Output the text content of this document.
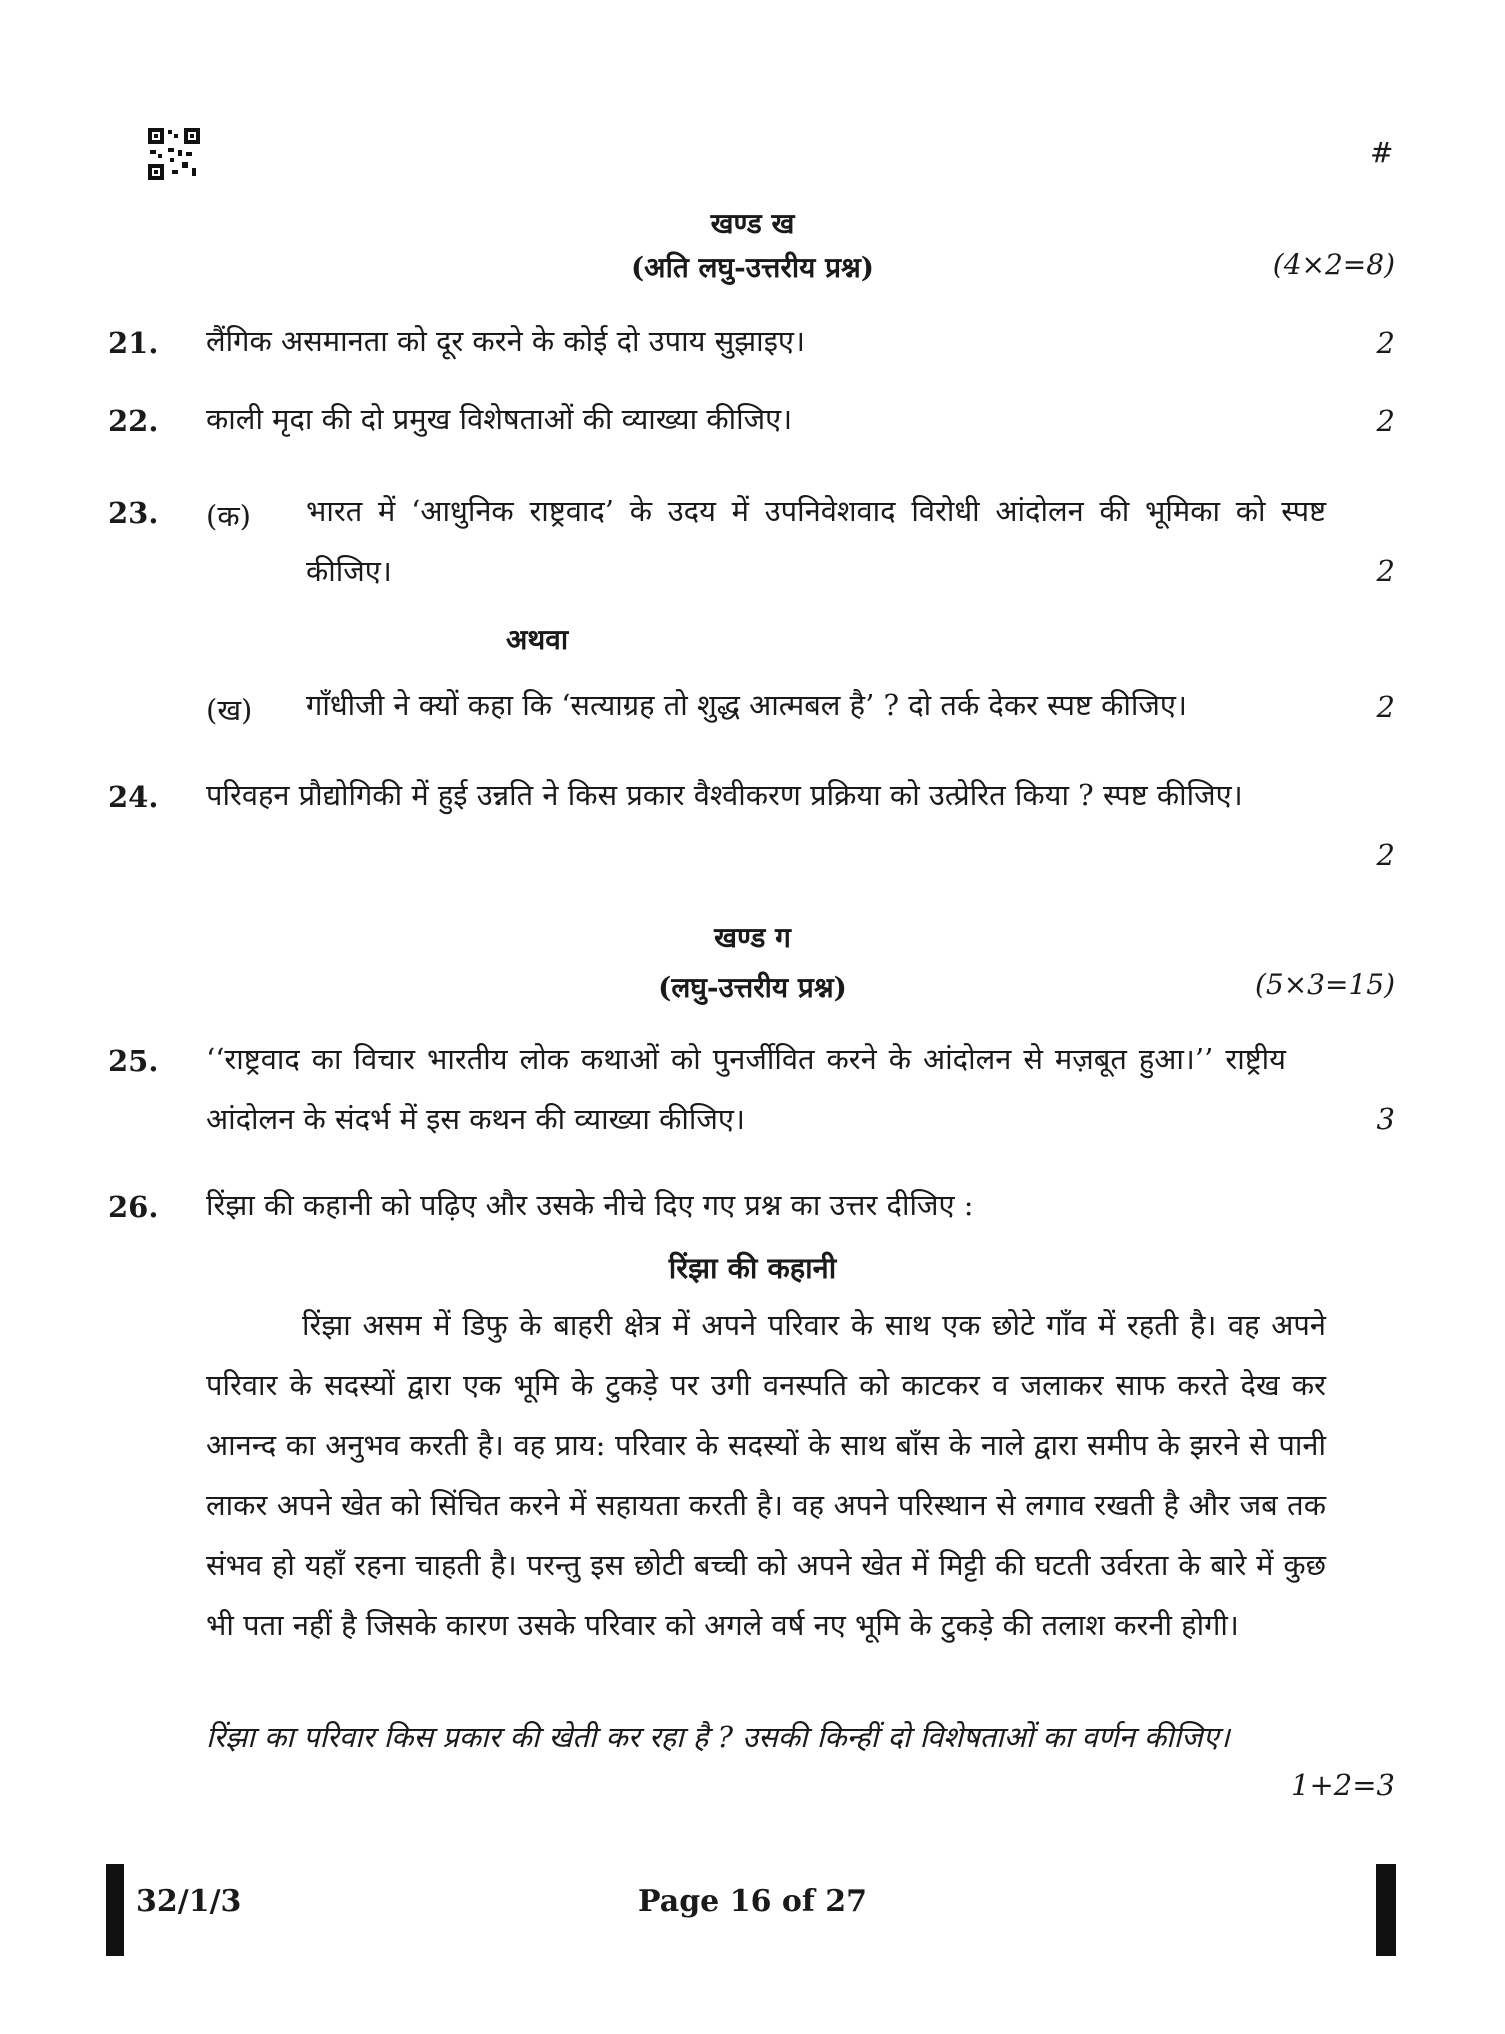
#
खण्ड ख
(अति लघु-उत्तरीय प्रश्न)	(4×2=8)
21. लैंगिक असमानता को दूर करने के कोई दो उपाय सुझाइए।	2
22. काली मृदा की दो प्रमुख विशेषताओं की व्याख्या कीजिए।	2
23. (क) भारत में ‘आधुनिक राष्ट्रवाद’ के उदय में उपनिवेशवाद विरोधी आंदोलन की भूमिका को स्पष्ट कीजिए।	2
अथवा
(ख) गाँधीजी ने क्यों कहा कि ‘सत्याग्रह तो शुद्ध आत्मबल है’ ? दो तर्क देकर स्पष्ट कीजिए।	2
24. परिवहन प्रौद्योगिकी में हुई उन्नति ने किस प्रकार वैश्वीकरण प्रक्रिया को उत्प्रेरित किया ? स्पष्ट कीजिए।
2
खण्ड ग
(लघु-उत्तरीय प्रश्न)	(5×3=15)
25. ‘‘राष्ट्रवाद का विचार भारतीय लोक कथाओं को पुनर्जीवित करने के आंदोलन से मज़बूत हुआ।’’ राष्ट्रीय आंदोलन के संदर्भ में इस कथन की व्याख्या कीजिए।	3
26. रिंझा की कहानी को पढ़िए और उसके नीचे दिए गए प्रश्न का उत्तर दीजिए :
रिंझा की कहानी
रिंझा असम में डिफु के बाहरी क्षेत्र में अपने परिवार के साथ एक छोटे गाँव में रहती है। वह अपने परिवार के सदस्यों द्वारा एक भूमि के टुकड़े पर उगी वनस्पति को काटकर व जलाकर साफ करते देख कर आनन्द का अनुभव करती है। वह प्राय: परिवार के सदस्यों के साथ बाँस के नाले द्वारा समीप के झरने से पानी लाकर अपने खेत को सिंचित करने में सहायता करती है। वह अपने परिस्थान से लगाव रखती है और जब तक संभव हो यहाँ रहना चाहती है। परन्तु इस छोटी बच्ची को अपने खेत में मिट्टी की घटती उर्वरता के बारे में कुछ भी पता नहीं है जिसके कारण उसके परिवार को अगले वर्ष नए भूमि के टुकड़े की तलाश करनी होगी।
रिंझा का परिवार किस प्रकार की खेती कर रहा है ? उसकी किन्हीं दो विशेषताओं का वर्णन कीजिए।
1+2=3
32/1/3	Page 16 of 27
